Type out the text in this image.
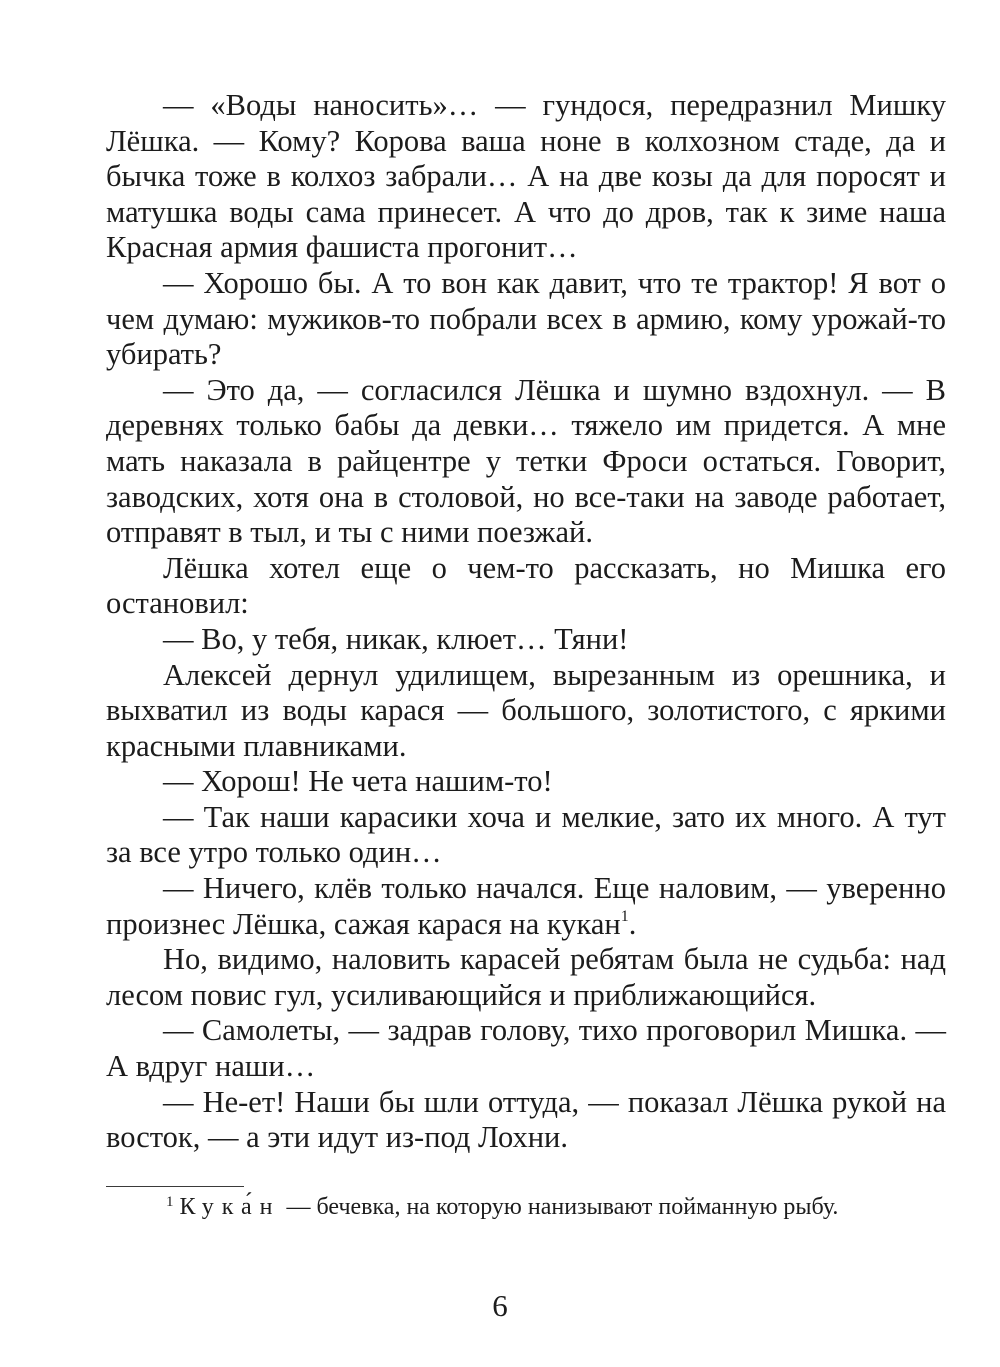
— «Воды наносить»… — гундося, передразнил Мишку Лёшка. — Кому? Корова ваша ноне в колхозном стаде, да и бычка тоже в колхоз забрали… А на две козы да для поросят и матушка воды сама принесет. А что до дров, так к зиме наша Красная армия фашиста прогонит…

— Хорошо бы. А то вон как давит, что те трактор! Я вот о чем думаю: мужиков-то побрали всех в армию, кому урожай-то убирать?

— Это да, — согласился Лёшка и шумно вздохнул. — В деревнях только бабы да девки… тяжело им придется. А мне мать наказала в райцентре у тетки Фроси остаться. Говорит, заводских, хотя она в столовой, но все-таки на заводе работает, отправят в тыл, и ты с ними поезжай.

Лёшка хотел еще о чем-то рассказать, но Мишка его остановил:

— Во, у тебя, никак, клюет… Тяни!

Алексей дернул удилищем, вырезанным из орешника, и выхватил из воды карася — большого, золотистого, с яркими красными плавниками.

— Хорош! Не чета нашим-то!

— Так наши карасики хоча и мелкие, зато их много. А тут за все утро только один…

— Ничего, клёв только начался. Еще наловим, — уверенно произнес Лёшка, сажая карася на кукан$^1$.

Но, видимо, наловить карасей ребятам была не судьба: над лесом повис гул, усиливающийся и приближающийся.

— Самолеты, — задрав голову, тихо проговорил Мишка. — А вдруг наши…

— Не-ет! Наши бы шли оттуда, — показал Лёшка рукой на восток, — а эти идут из-под Лохни.

$^1$ Кука́н — бечевка, на которую нанизывают пойманную рыбу.

6
